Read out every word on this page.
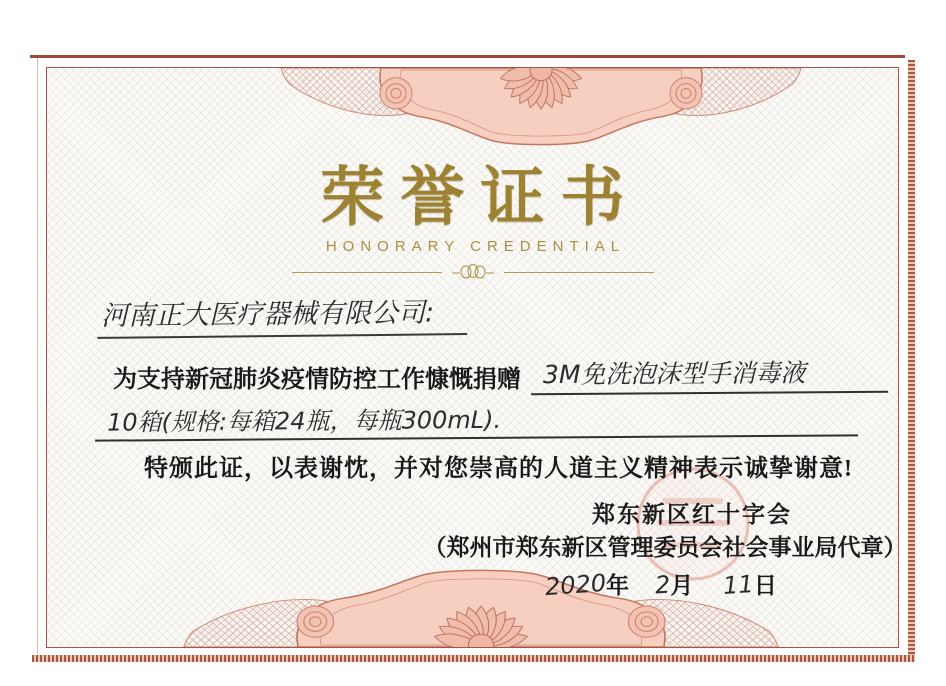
荣誉证书
HONORARY CREDENTIAL
河南正大医疗器械有限公司:
为支持新冠肺炎疫情防控工作慷慨捐赠 3M免洗泡沫型手消毒液
10箱(规格:每箱24瓶，每瓶300mL).
特颁此证，以表谢忱，并对您崇高的人道主义精神表示诚挚谢意!
郑东新区红十字会
（郑州市郑东新区管理委员会社会事业局代章）
2020年 2月 11日
